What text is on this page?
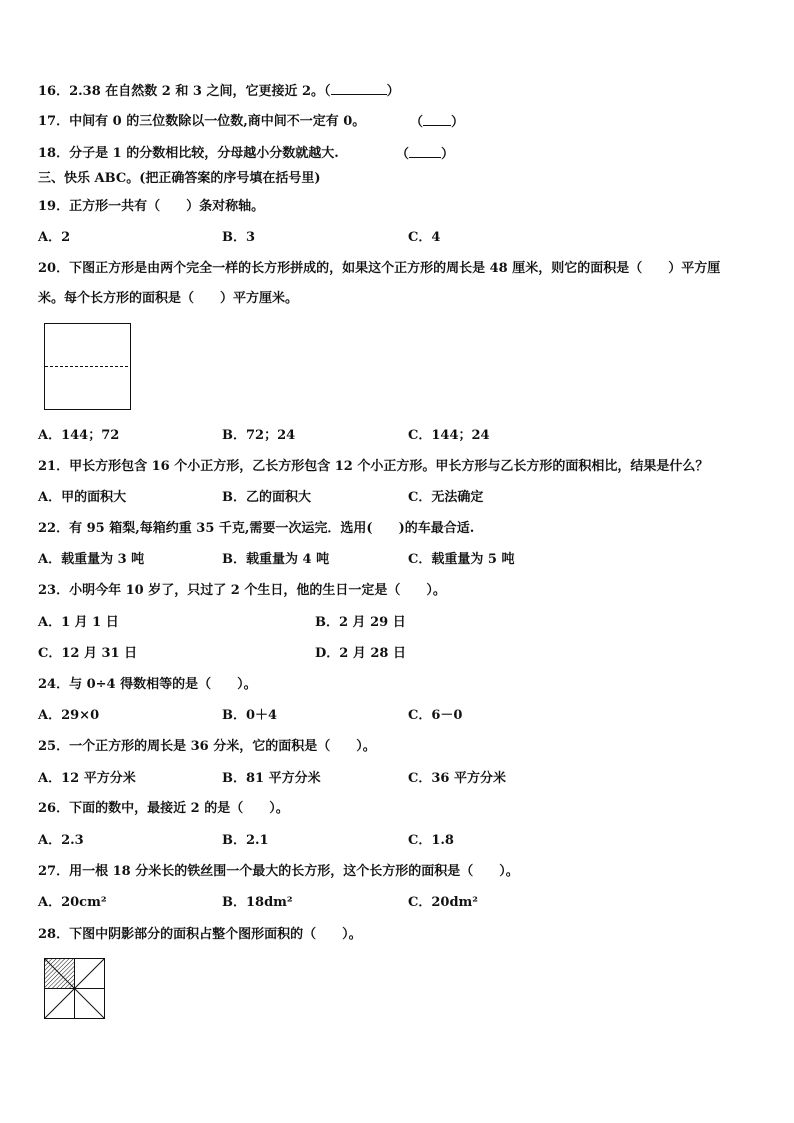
16．2.38 在自然数 2 和 3 之间，它更接近 2。（	）
17．中间有 0 的三位数除以一位数,商中间不一定有 0。	（ ）
18．分子是 1 的分数相比较，分母越小分数就越大.	（ ）
三、快乐 ABC。(把正确答案的序号填在括号里)
19．正方形一共有（　　）条对称轴。
A．2	B．3	C．4
20．下图正方形是由两个完全一样的长方形拼成的，如果这个正方形的周长是 48 厘米，则它的面积是（　　）平方厘
米。每个长方形的面积是（　　）平方厘米。
A．144；72	B．72；24	C．144；24
21．甲长方形包含 16 个小正方形，乙长方形包含 12 个小正方形。甲长方形与乙长方形的面积相比，结果是什么？
A．甲的面积大	B．乙的面积大	C．无法确定
22．有 95 箱梨,每箱约重 35 千克,需要一次运完．选用(　　)的车最合适.
A．载重量为 3 吨	B．载重量为 4 吨	C．载重量为 5 吨
23．小明今年 10 岁了，只过了 2 个生日，他的生日一定是（　　）。
A．1 月 1 日	B．2 月 29 日
C．12 月 31 日	D．2 月 28 日
24．与 0÷4 得数相等的是（　　）。
A．29×0	B．0＋4	C．6－0
25．一个正方形的周长是 36 分米，它的面积是（　　）。
A．12 平方分米	B．81 平方分米	C．36 平方分米
26．下面的数中，最接近 2 的是（　　）。
A．2.3	B．2.1	C．1.8
27．用一根 18 分米长的铁丝围一个最大的长方形，这个长方形的面积是（　　）。
A．20cm²	B．18dm²	C．20dm²
28．下图中阴影部分的面积占整个图形面积的（　　）。
